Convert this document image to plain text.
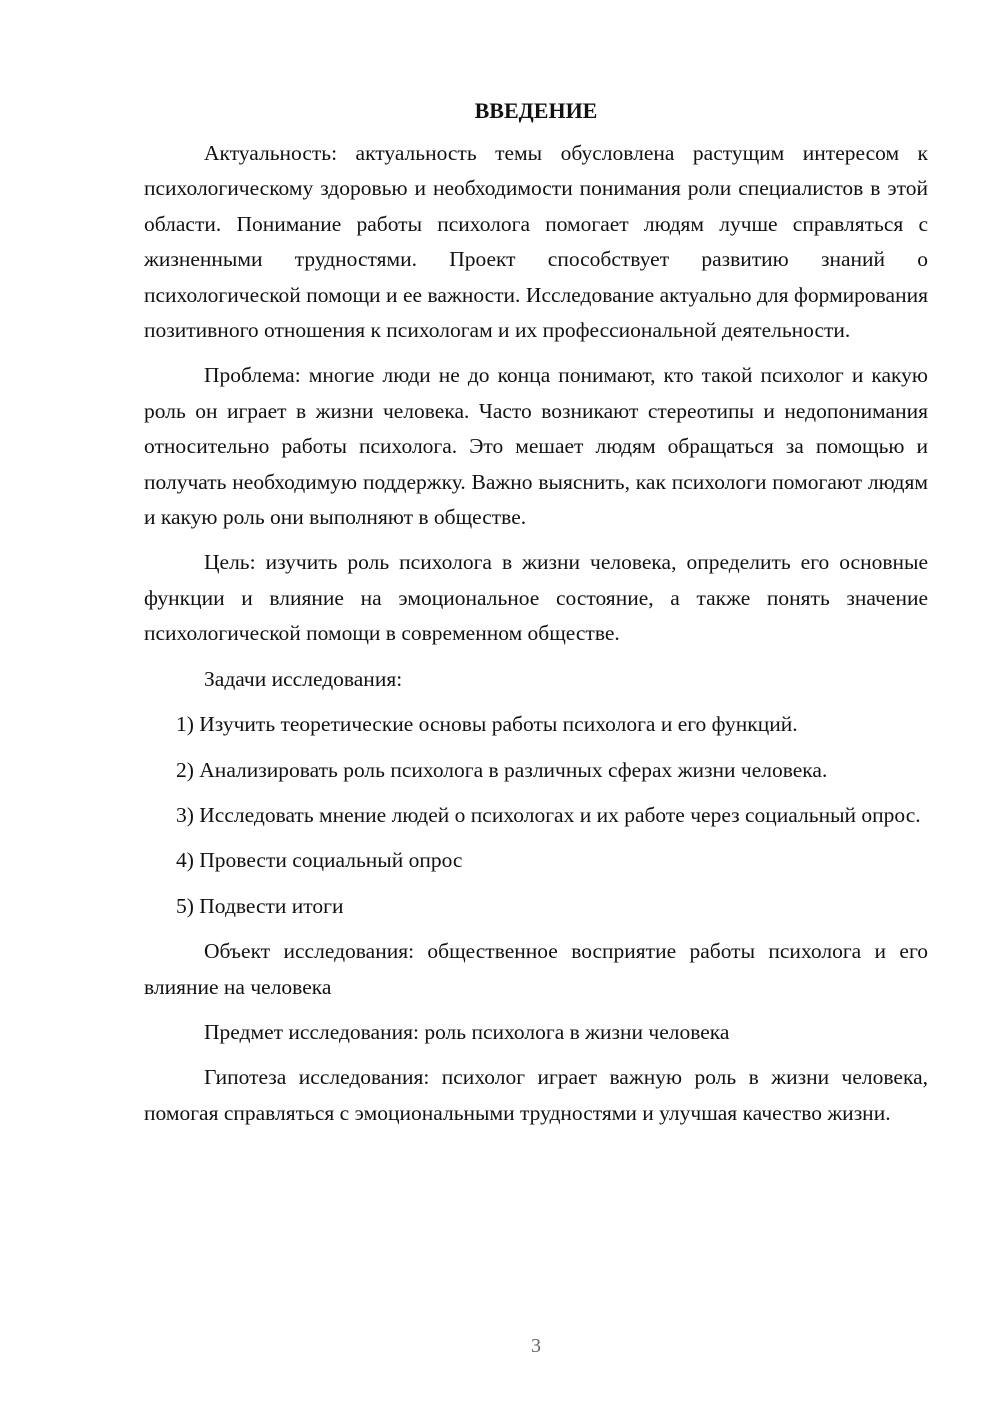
ВВЕДЕНИЕ

Актуальность: актуальность темы обусловлена растущим интересом к психологическому здоровью и необходимости понимания роли специалистов в этой области. Понимание работы психолога помогает людям лучше справляться с жизненными трудностями. Проект способствует развитию знаний о психологической помощи и ее важности. Исследование актуально для формирования позитивного отношения к психологам и их профессиональной деятельности.

Проблема: многие люди не до конца понимают, кто такой психолог и какую роль он играет в жизни человека. Часто возникают стереотипы и недопонимания относительно работы психолога. Это мешает людям обращаться за помощью и получать необходимую поддержку. Важно выяснить, как психологи помогают людям и какую роль они выполняют в обществе.

Цель: изучить роль психолога в жизни человека, определить его основные функции и влияние на эмоциональное состояние, а также понять значение психологической помощи в современном обществе.

Задачи исследования:

1) Изучить теоретические основы работы психолога и его функций.

2) Анализировать роль психолога в различных сферах жизни человека.

3) Исследовать мнение людей о психологах и их работе через социальный опрос.

4) Провести социальный опрос

5) Подвести итоги

Объект исследования: общественное восприятие работы психолога и его влияние на человека

Предмет исследования: роль психолога в жизни человека

Гипотеза исследования: психолог играет важную роль в жизни человека, помогая справляться с эмоциональными трудностями и улучшая качество жизни.

3
